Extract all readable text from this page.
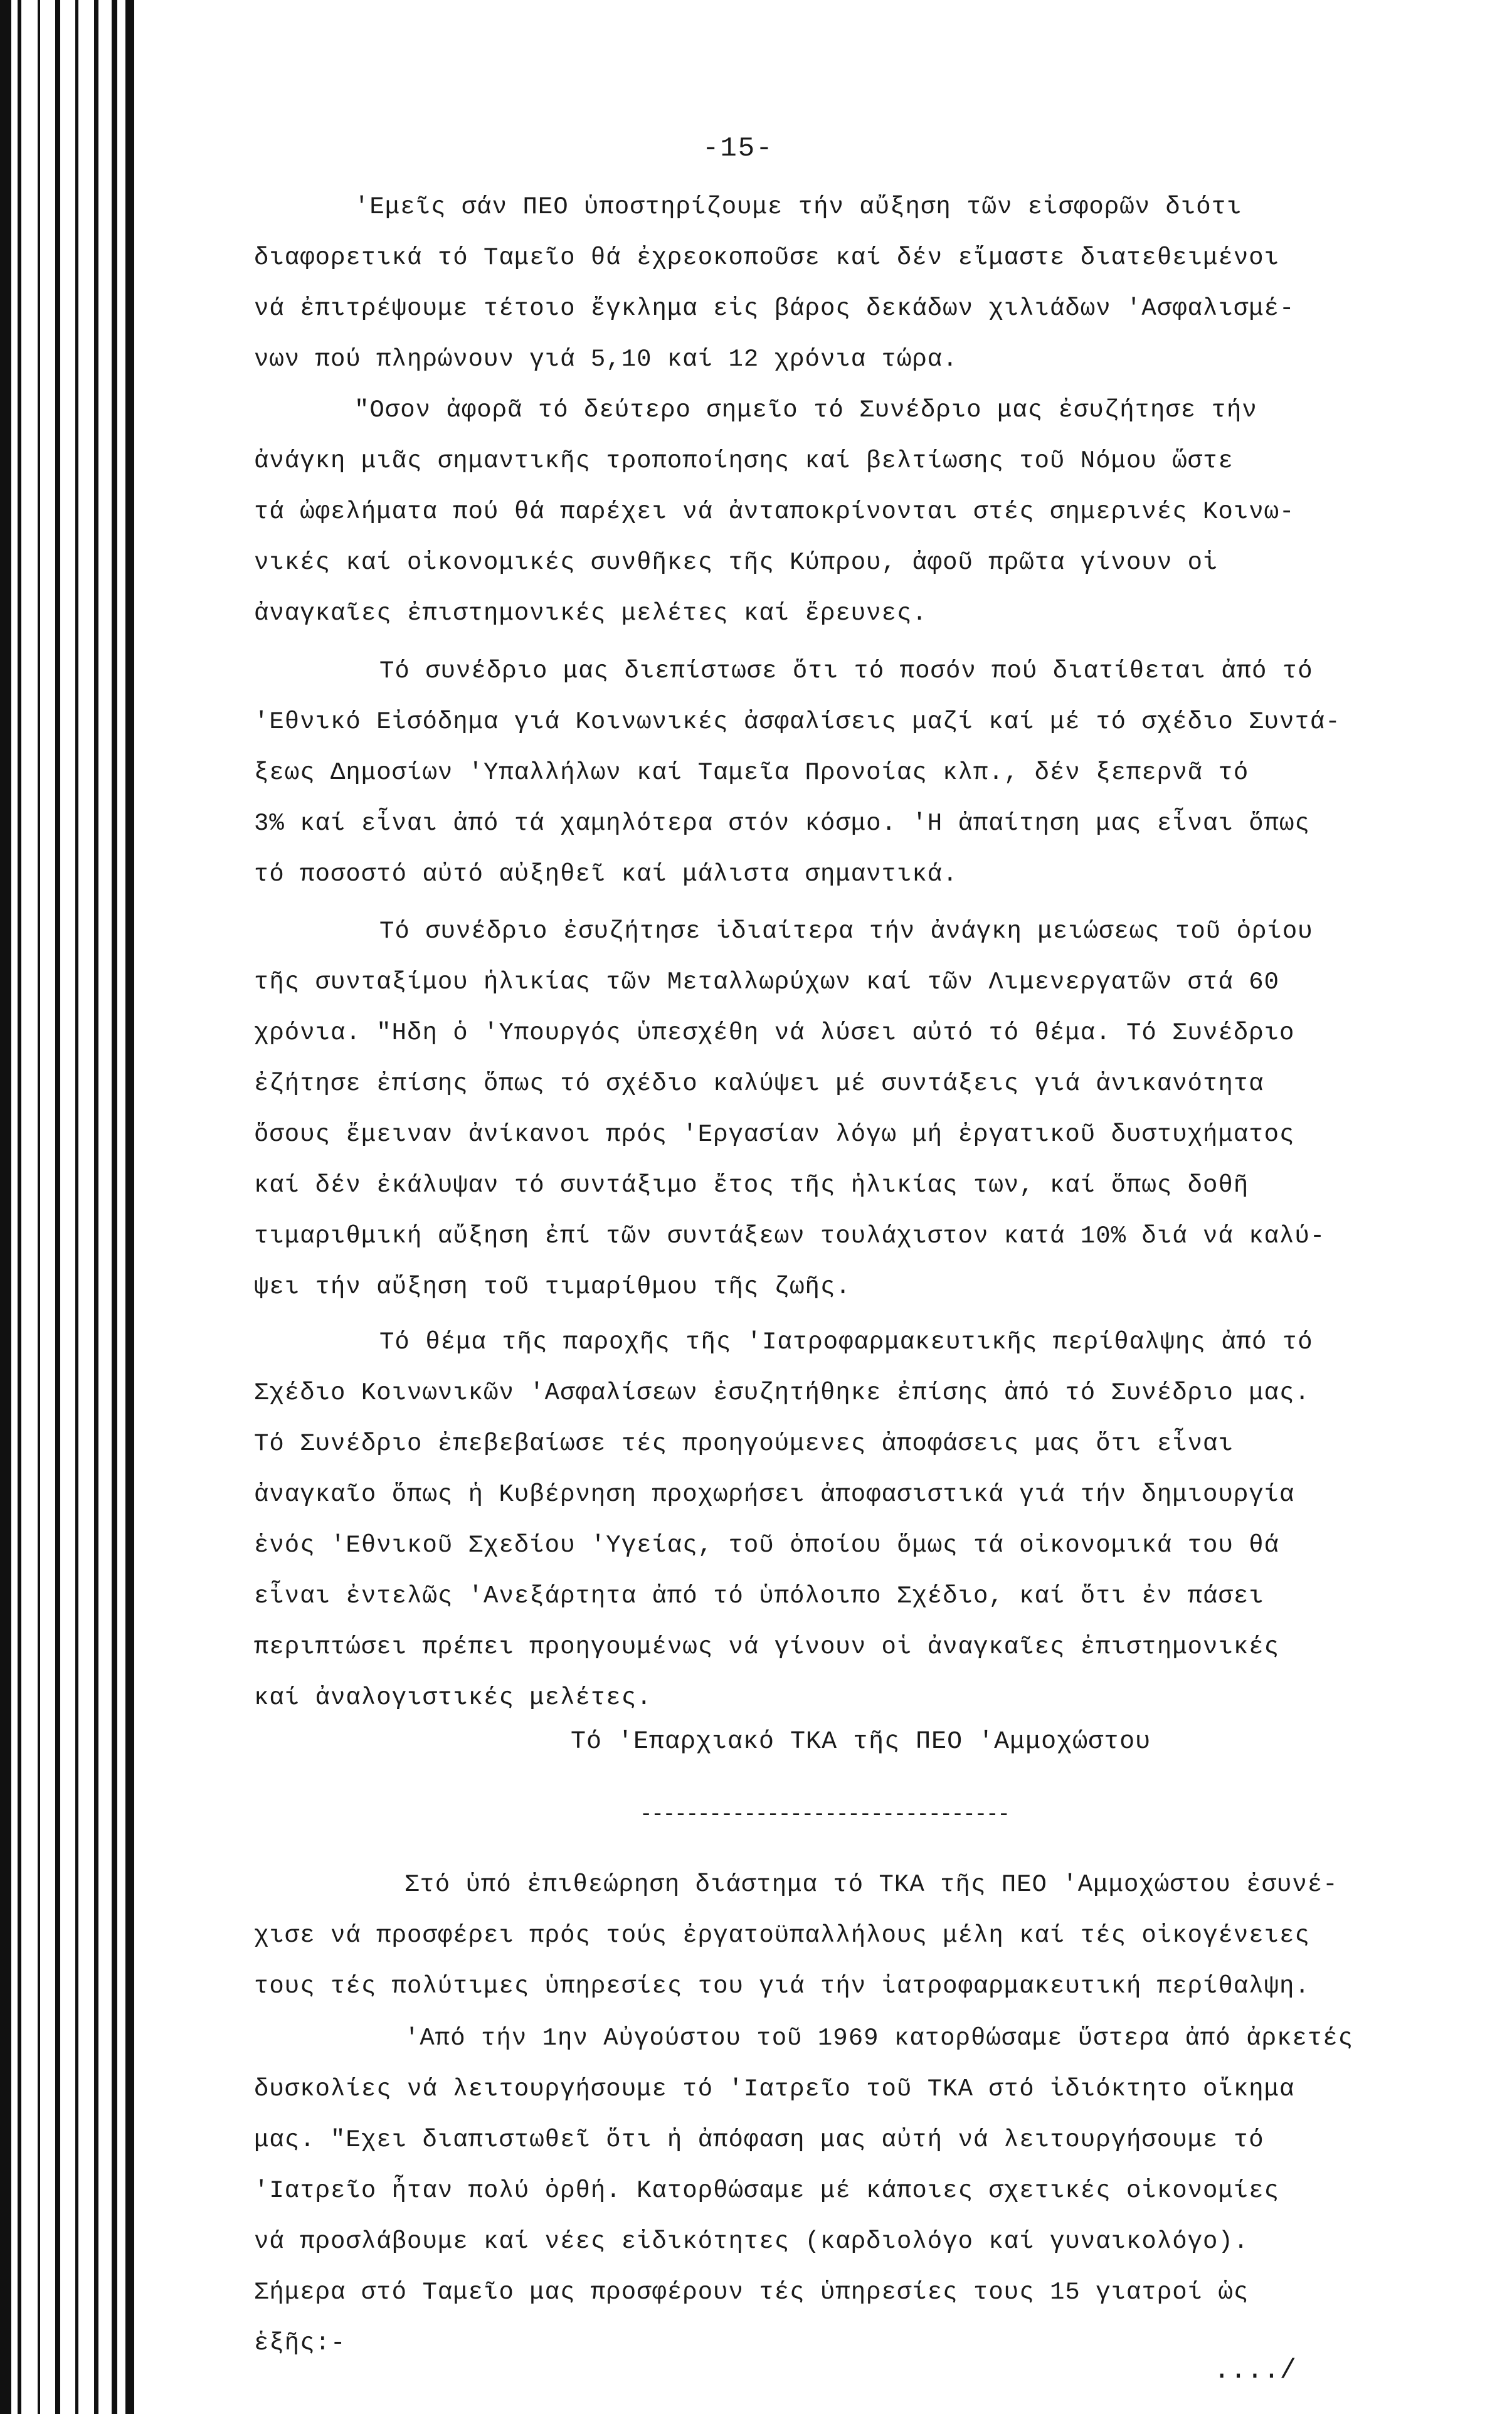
-15-
'Εμεῖς σάν ΠΕΟ ὑποστηρίζουμε τήν αὔξηση τῶν εἰσφορῶν διότι
διαφορετικά τό Ταμεῖο θά ἐχρεοκοποῦσε καί δέν εἴμαστε διατεθειμένοι
νά ἐπιτρέψουμε τέτοιο ἔγκλημα εἰς βάρος δεκάδων χιλιάδων 'Ασφαλισμέ-
νων πού πληρώνουν γιά 5,10 καί 12 χρόνια τώρα.
"Οσον ἀφορᾶ τό δεύτερο σημεῖο τό Συνέδριο μας ἐσυζήτησε τήν
ἀνάγκη μιᾶς σημαντικῆς τροποποίησης καί βελτίωσης τοῦ Νόμου ὥστε
τά ὠφελήματα πού θά παρέχει νά ἀνταποκρίνονται στές σημερινές Κοινω-
νικές καί οἰκονομικές συνθῆκες τῆς Κύπρου, ἀφοῦ πρῶτα γίνουν οἱ
ἀναγκαῖες ἐπιστημονικές μελέτες καί ἔρευνες.
Τό συνέδριο μας διεπίστωσε ὅτι τό ποσόν πού διατίθεται ἀπό τό
'Εθνικό Εἰσόδημα γιά Κοινωνικές ἀσφαλίσεις μαζί καί μέ τό σχέδιο Συντά-
ξεως Δημοσίων 'Υπαλλήλων καί Ταμεῖα Προνοίας κλπ., δέν ξεπερνᾶ τό
3% καί εἶναι ἀπό τά χαμηλότερα στόν κόσμο. 'Η ἀπαίτηση μας εἶναι ὅπως
τό ποσοστό αὐτό αὐξηθεῖ καί μάλιστα σημαντικά.
Τό συνέδριο ἐσυζήτησε ἰδιαίτερα τήν ἀνάγκη μειώσεως τοῦ ὁρίου
τῆς συνταξίμου ἡλικίας τῶν Μεταλλωρύχων καί τῶν Λιμενεργατῶν στά 60
χρόνια. "Ηδη ὁ 'Υπουργός ὑπεσχέθη νά λύσει αὐτό τό θέμα. Τό Συνέδριο
ἐζήτησε ἐπίσης ὅπως τό σχέδιο καλύψει μέ συντάξεις γιά ἀνικανότητα
ὅσους ἔμειναν ἀνίκανοι πρός 'Εργασίαν λόγω μή ἐργατικοῦ δυστυχήματος
καί δέν ἐκάλυψαν τό συντάξιμο ἔτος τῆς ἡλικίας των, καί ὅπως δοθῆ
τιμαριθμική αὔξηση ἐπί τῶν συντάξεων τουλάχιστον κατά 10% διά νά καλύ-
ψει τήν αὔξηση τοῦ τιμαρίθμου τῆς ζωῆς.
Τό θέμα τῆς παροχῆς τῆς 'Ιατροφαρμακευτικῆς περίθαλψης ἀπό τό
Σχέδιο Κοινωνικῶν 'Ασφαλίσεων ἐσυζητήθηκε ἐπίσης ἀπό τό Συνέδριο μας.
Τό Συνέδριο ἐπεβεβαίωσε τές προηγούμενες ἀποφάσεις μας ὅτι εἶναι
ἀναγκαῖο ὅπως ἡ Κυβέρνηση προχωρήσει ἀποφασιστικά γιά τήν δημιουργία
ἑνός 'Εθνικοῦ Σχεδίου 'Υγείας, τοῦ ὁποίου ὅμως τά οἰκονομικά του θά
εἶναι ἐντελῶς 'Ανεξάρτητα ἀπό τό ὑπόλοιπο Σχέδιο, καί ὅτι ἐν πάσει
περιπτώσει πρέπει προηγουμένως νά γίνουν οἱ ἀναγκαῖες ἐπιστημονικές
καί ἀναλογιστικές μελέτες.
Τό 'Επαρχιακό ΤΚΑ τῆς ΠΕΟ 'Αμμοχώστου
--------------------------------
Στό ὑπό ἐπιθεώρηση διάστημα τό ΤΚΑ τῆς ΠΕΟ 'Αμμοχώστου ἐσυνέ-
χισε νά προσφέρει πρός τούς ἐργατοϋπαλλήλους μέλη καί τές οἰκογένειες
τους τές πολύτιμες ὑπηρεσίες του γιά τήν ἰατροφαρμακευτική περίθαλψη.
'Από τήν 1ην Αὐγούστου τοῦ 1969 κατορθώσαμε ὕστερα ἀπό ἀρκετές
δυσκολίες νά λειτουργήσουμε τό 'Ιατρεῖο τοῦ ΤΚΑ στό ἰδιόκτητο οἴκημα
μας. "Εχει διαπιστωθεῖ ὅτι ἡ ἀπόφαση μας αὐτή νά λειτουργήσουμε τό
'Ιατρεῖο ἦταν πολύ ὀρθή. Κατορθώσαμε μέ κάποιες σχετικές οἰκονομίες
νά προσλάβουμε καί νέες εἰδικότητες (καρδιολόγο καί γυναικολόγο).
Σήμερα στό Ταμεῖο μας προσφέρουν τές ὑπηρεσίες τους 15 γιατροί ὡς
ἑξῆς:-
..../
